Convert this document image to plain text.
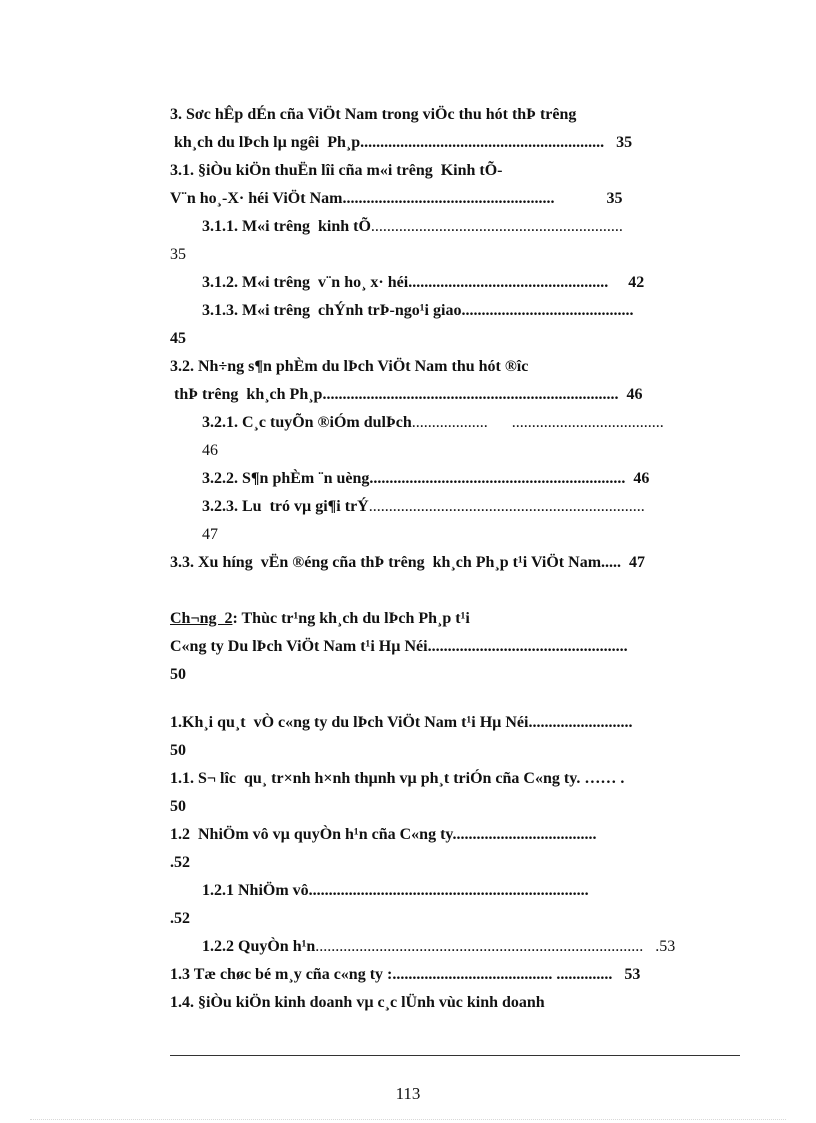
3. Sơc hÊp dÉn cña ViÖt Nam trong viÖc thu hót thÞ trêng
kh¸ch du lÞch lµ ngêi  Ph¸p.............................................................   35
3.1. §iÒu kiÖn thuËn lîi cña m«i trêng  Kinh tÕ-
V¨n ho¸-X· héi ViÖt Nam.....................................................             35
3.1.1. M«i trêng  kinh tÕ...............................................................
35
3.1.2. M«i trêng  v¨n ho¸ x· héi..................................................     42
3.1.3. M«i trêng  chÝnh trÞ-ngo¹i giao...........................................
45
3.2. Nh÷ng s¶n phÈm du lÞch ViÖt Nam thu hót ®îc
thÞ trêng  kh¸ch Ph¸p..........................................................................  46
3.2.1. C¸c tuyÕn ®iÓm dulÞch...................      ......................................
46
3.2.2. S¶n phÈm ¨n uèng................................................................  46
3.2.3. Lu  tró vµ gi¶i trÝ.....................................................................
47
3.3. Xu híng  vËn ®éng cña thÞ trêng  kh¸ch Ph¸p t¹i ViÖt Nam.....  47
Ch¬ng  2: Thùc tr¹ng kh¸ch du lÞch Ph¸p t¹i
C«ng ty Du lÞch ViÖt Nam t¹i Hµ Néi..................................................
50
1.Kh¸i qu¸t  vÒ c«ng ty du lÞch ViÖt Nam t¹i Hµ Néi..........................
50
1.1. S¬ lîc  qu¸ tr×nh h×nh thµnh vµ ph¸t triÓn cña C«ng ty. …… .
50
1.2  NhiÖm vô vµ quyÒn h¹n cña C«ng ty....................................
.52
1.2.1 NhiÖm vô......................................................................
.52
1.2.2 QuyÒn h¹n..................................................................................   .53
1.3 Tæ chøc bé m¸y cña c«ng ty :........................................ ..............   53
1.4. §iÒu kiÖn kinh doanh vµ c¸c lÜnh vùc kinh doanh
113
